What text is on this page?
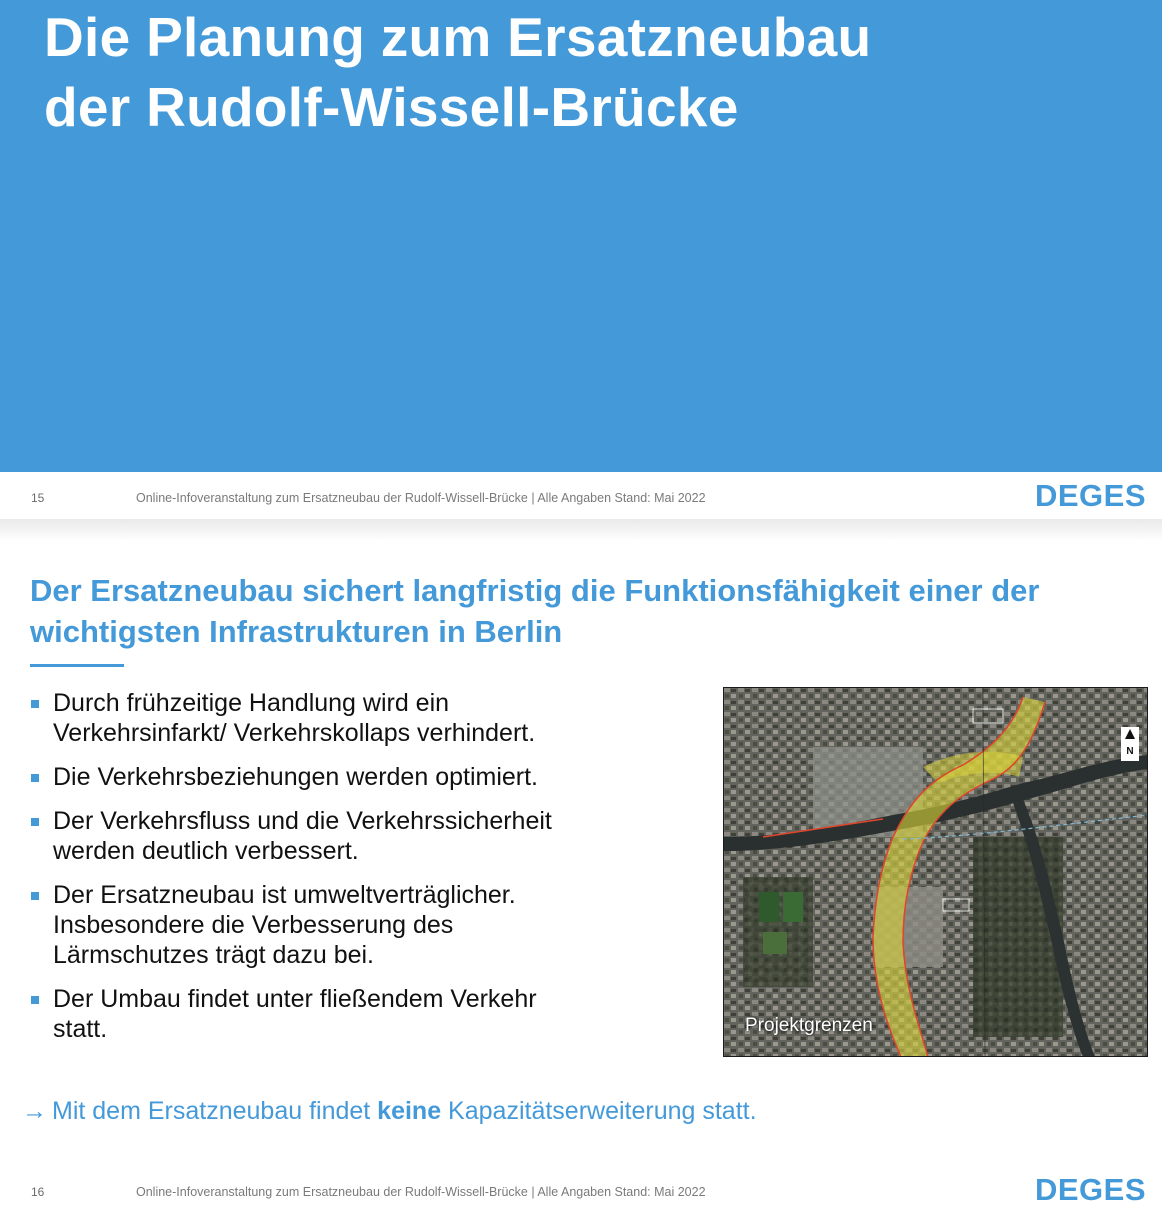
Die Planung zum Ersatzneubau
der Rudolf-Wissell-Brücke
15	Online-Infoveranstaltung zum Ersatzneubau der Rudolf-Wissell-Brücke | Alle Angaben Stand: Mai 2022	DEGES
Der Ersatzneubau sichert langfristig die Funktionsfähigkeit einer der wichtigsten Infrastrukturen in Berlin
Durch frühzeitige Handlung wird ein
Verkehrsinfarkt/ Verkehrskollaps verhindert.
Die Verkehrsbeziehungen werden optimiert.
Der Verkehrsfluss und die Verkehrssicherheit
werden deutlich verbessert.
Der Ersatzneubau ist umweltverträglicher.
Insbesondere die Verbesserung des
Lärmschutzes trägt dazu bei.
Der Umbau findet unter fließendem Verkehr
statt.
N
Projektgrenzen

→ Mit dem Ersatzneubau findet keine Kapazitätserweiterung statt.

16	Online-Infoveranstaltung zum Ersatzneubau der Rudolf-Wissell-Brücke | Alle Angaben Stand: Mai 2022	DEGES
